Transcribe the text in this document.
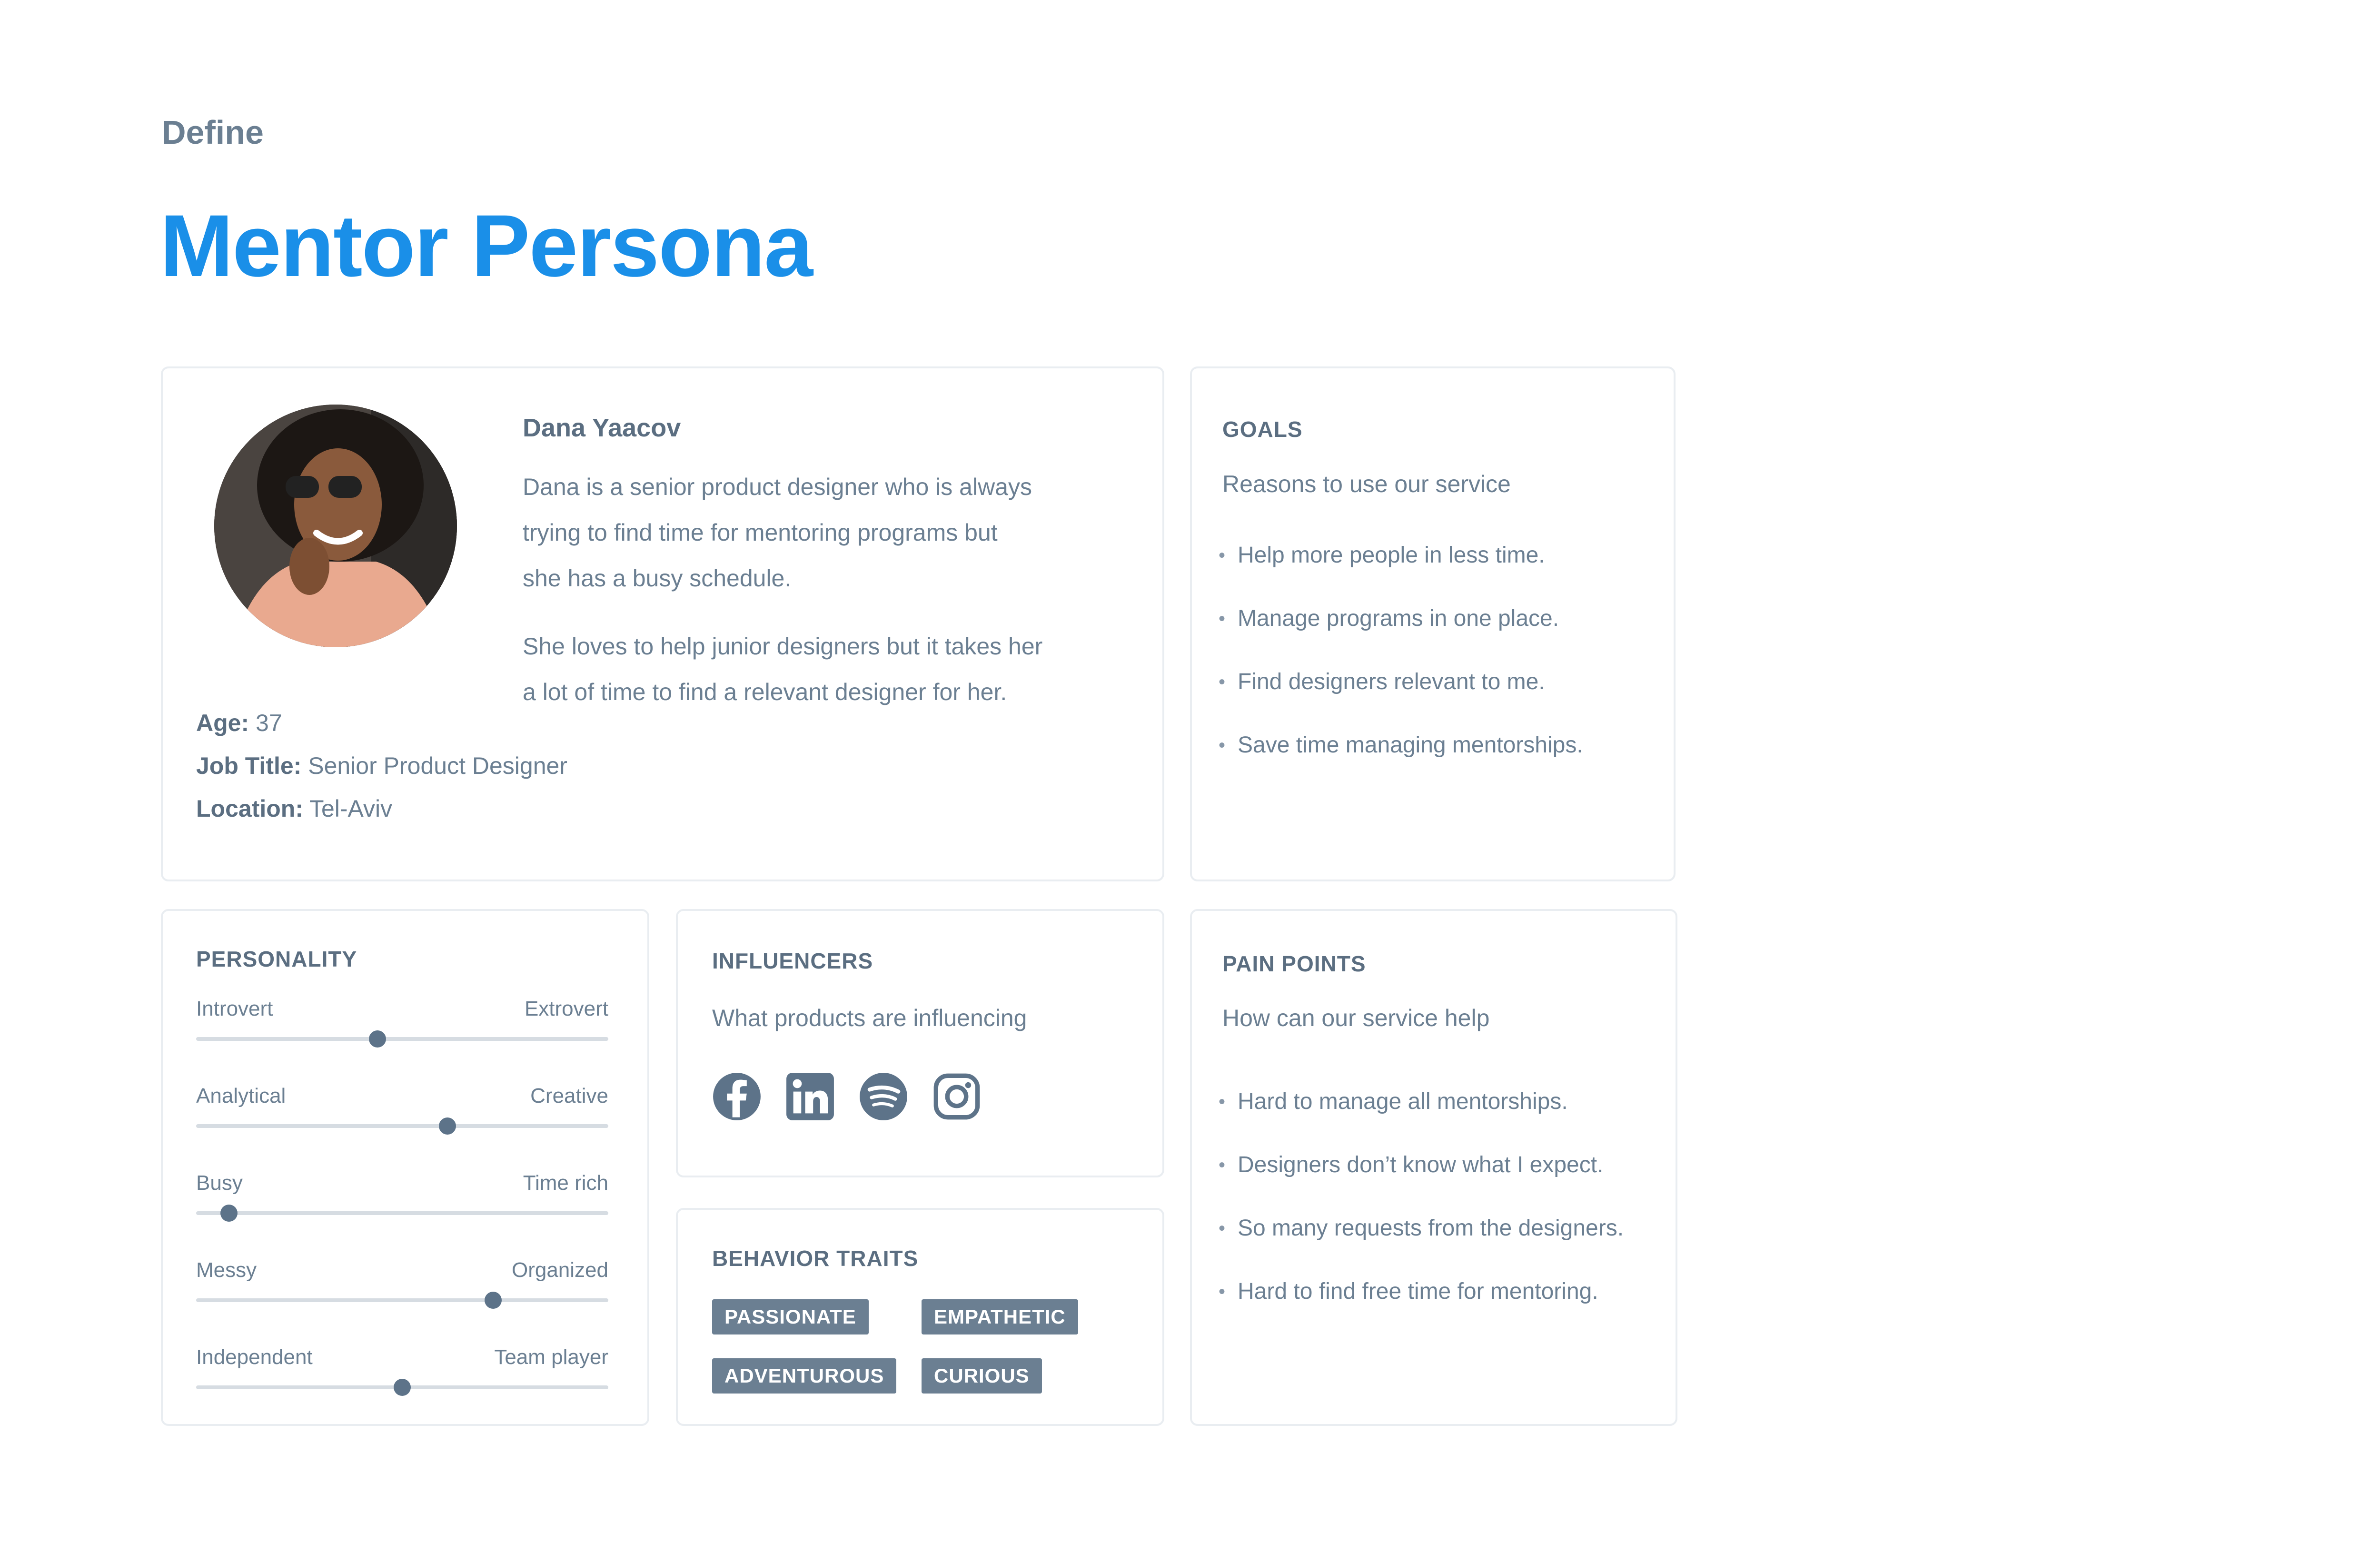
Define
Mentor Persona
Dana Yaacov
Dana is a senior product designer who is always
trying to find time for mentoring programs but
she has a busy schedule.
She loves to help junior designers but it takes her
a lot of time to find a relevant designer for her.
Age: 37
Job Title: Senior Product Designer
Location: Tel-Aviv
GOALS
Reasons to use our service
• Help more people in less time.
• Manage programs in one place.
• Find designers relevant to me.
• Save time managing mentorships.
PERSONALITY
Introvert	Extrovert
Analytical	Creative
Busy	Time rich
Messy	Organized
Independent	Team player
INFLUENCERS
What products are influencing
BEHAVIOR TRAITS
PASSIONATE	EMPATHETIC
ADVENTUROUS	CURIOUS
PAIN POINTS
How can our service help
• Hard to manage all mentorships.
• Designers don’t know what I expect.
• So many requests from the designers.
• Hard to find free time for mentoring.
